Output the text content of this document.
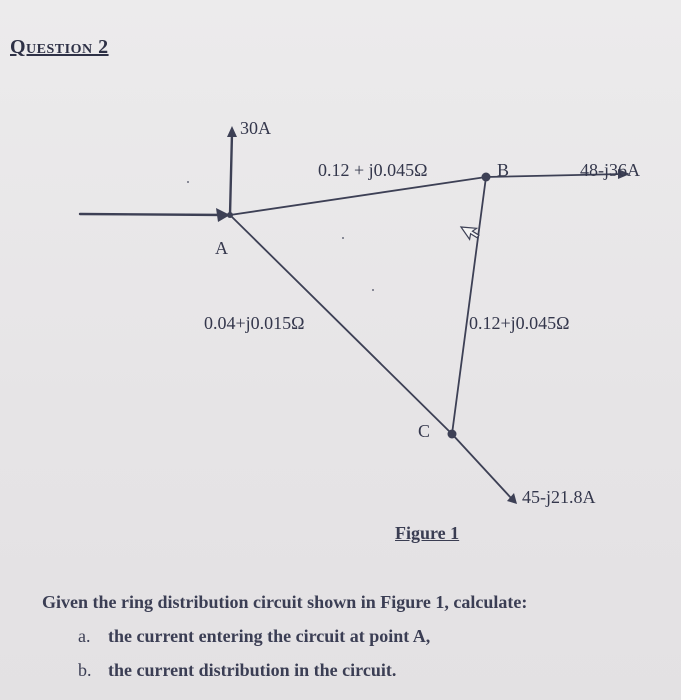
Question 2
30A
0.12 + j0.045Ω	B	48-j36A
A
0.04+j0.015Ω	0.12+j0.045Ω
C
45-j21.8A
Figure 1
Given the ring distribution circuit shown in Figure 1, calculate:
a. the current entering the circuit at point A,
b. the current distribution in the circuit.
